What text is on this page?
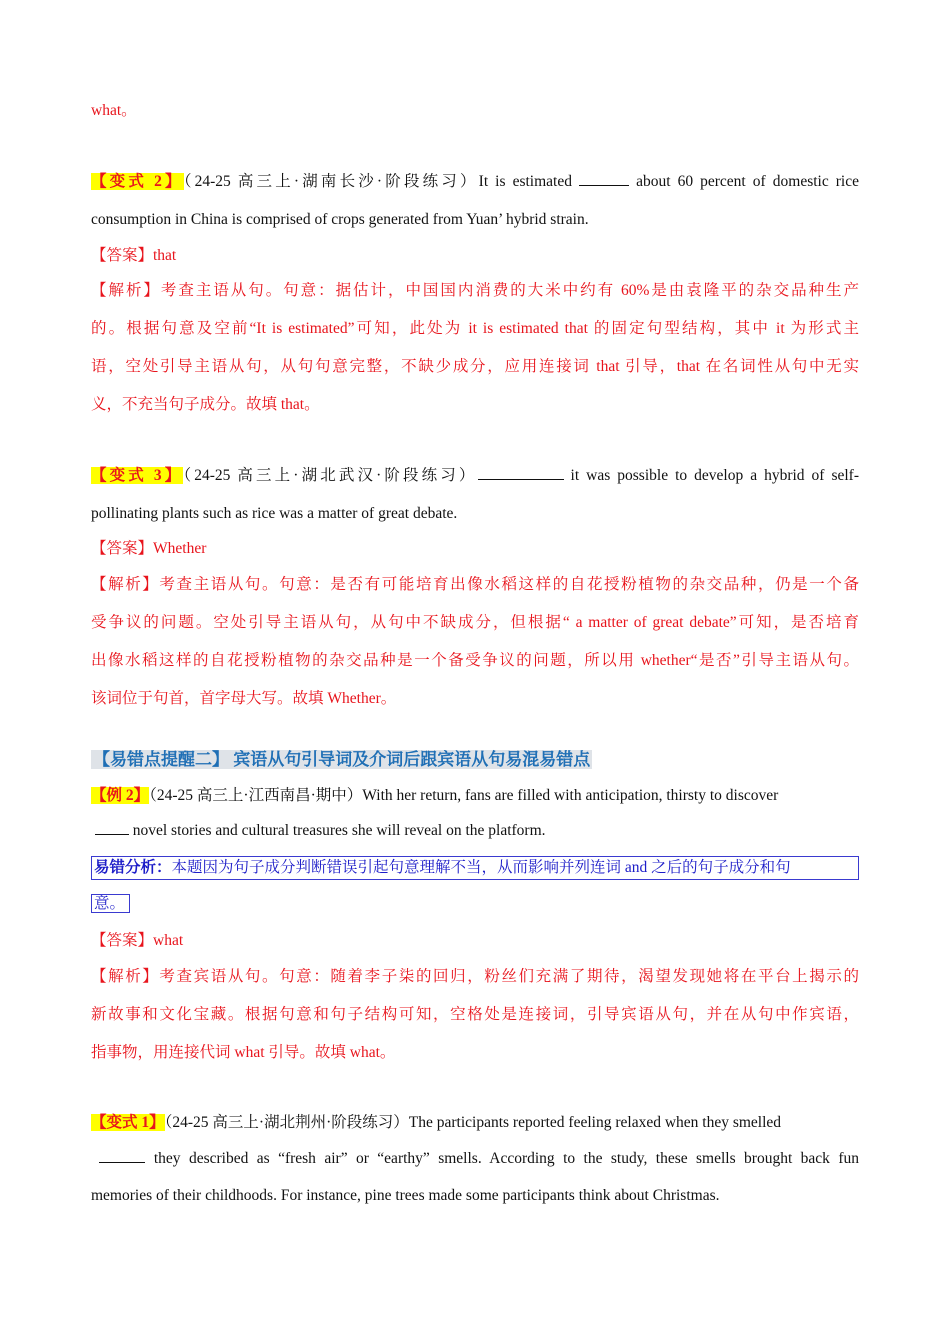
what。
【变式 2】（24-25 高三上·湖南长沙·阶段练习）It is estimated	about 60 percent of domestic rice
consumption in China is comprised of crops generated from Yuan’ hybrid strain.
【答案】that
【解析】考查主语从句。句意：据估计，中国国内消费的大米中约有 60%是由袁隆平的杂交品种生产
的。根据句意及空前“It is estimated”可知，此处为 it is estimated that 的固定句型结构，其中 it 为形式主
语，空处引导主语从句，从句句意完整，不缺少成分，应用连接词 that 引导，that 在名词性从句中无实
义，不充当句子成分。故填 that。
【变式 3】（24-25 高三上·湖北武汉·阶段练习）	it was possible to develop a hybrid of self-
pollinating plants such as rice was a matter of great debate.
【答案】Whether
【解析】考查主语从句。句意：是否有可能培育出像水稻这样的自花授粉植物的杂交品种，仍是一个备
受争议的问题。空处引导主语从句，从句中不缺成分，但根据“ a matter of great debate”可知，是否培育
出像水稻这样的自花授粉植物的杂交品种是一个备受争议的问题，所以用 whether“是否”引导主语从句。
该词位于句首，首字母大写。故填 Whether。
【易错点提醒二】 宾语从句引导词及介词后跟宾语从句易混易错点
【例 2】（24-25 高三上·江西南昌·期中）With her return, fans are filled with anticipation, thirsty to discover
novel stories and cultural treasures she will reveal on the platform.
易错分析：本题因为句子成分判断错误引起句意理解不当，从而影响并列连词 and 之后的句子成分和句
意。
【答案】what
【解析】考查宾语从句。句意：随着李子柒的回归，粉丝们充满了期待，渴望发现她将在平台上揭示的
新故事和文化宝藏。根据句意和句子结构可知，空格处是连接词，引导宾语从句，并在从句中作宾语，
指事物，用连接代词 what 引导。故填 what。
【变式 1】（24-25 高三上·湖北荆州·阶段练习）The participants reported feeling relaxed when they smelled
they described as “fresh air” or “earthy” smells. According to the study, these smells brought back fun
memories of their childhoods. For instance, pine trees made some participants think about Christmas.
